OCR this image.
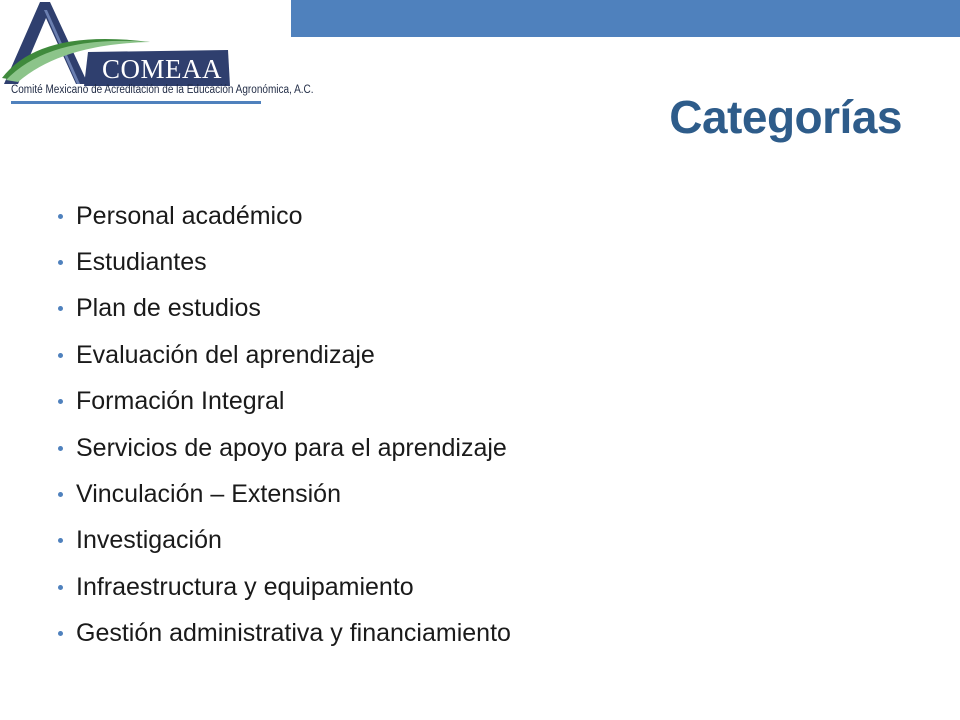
COMEAA
Comité Mexicano de Acreditación de la Educación Agronómica, A.C.
Categorías
Personal académico
Estudiantes
Plan de estudios
Evaluación del aprendizaje
Formación Integral
Servicios de apoyo para el aprendizaje
Vinculación – Extensión
Investigación
Infraestructura y equipamiento
Gestión administrativa y financiamiento
